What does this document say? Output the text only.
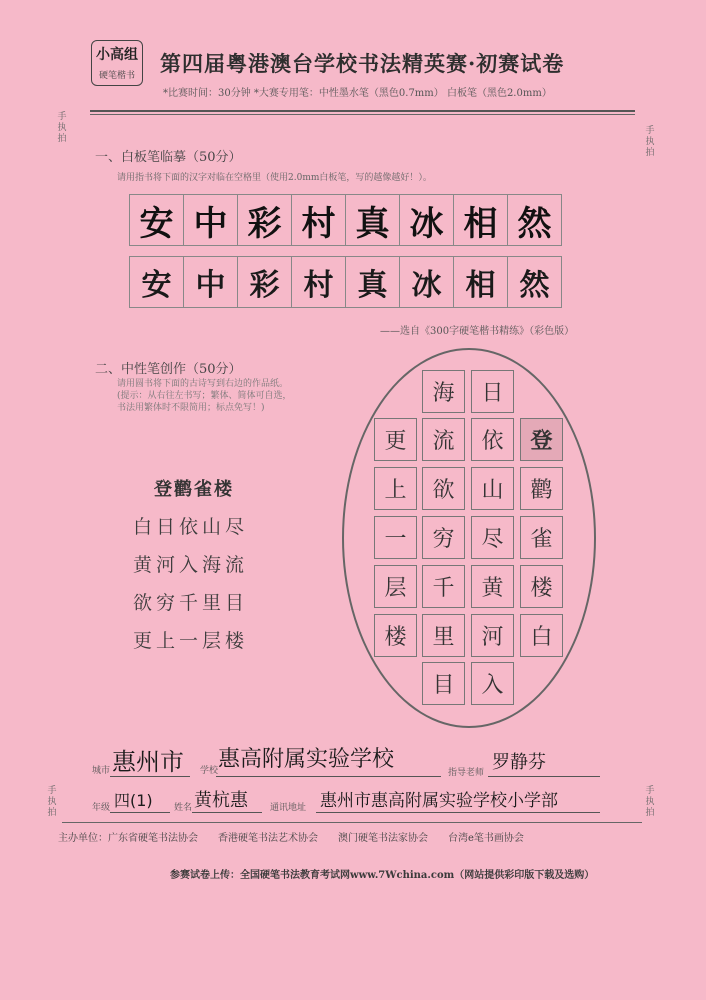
小高组
硬笔楷书	第四届粤港澳台学校书法精英赛·初赛试卷
*比赛时间：30分钟 *大赛专用笔：中性墨水笔（黑色0.7mm） 白板笔（黑色2.0mm）
手执拍
手执拍
手执拍
手执拍
一、白板笔临摹（50分）
请用指书将下面的汉字对临在空格里（使用2.0mm白板笔，写的越像越好！）。
安 中 彩 村 真 冰 相 然
安 中 彩 村 真 冰 相 然
——选自《300字硬笔楷书精练》（彩色版）
二、中性笔创作（50分）
请用圆书将下面的古诗写到右边的作品纸。
(提示：从右往左书写；繁体、简体可自选，
书法用繁体时不限简用；标点免写！)
登鹳雀楼
白日依山尽
黄河入海流
欲穷千里目
更上一层楼
更
上
一
层
楼
海
流
欲
穷
千
里
目
日
依
山
尽
黄
河
入
登
鹳
雀
楼
白
城市 惠州市 学校 惠高附属实验学校
指导老师 罗静芬
年级 四(1) 姓名 黄杭惠 通讯地址 惠州市惠高附属实验学校小学部
主办单位：广东省硬笔书法协会　　香港硬笔书法艺术协会　　澳门硬笔书法家协会　　台湾e笔书画协会
参赛试卷上传：全国硬笔书法教育考试网www.7Wchina.com（网站提供彩印版下载及选购）
